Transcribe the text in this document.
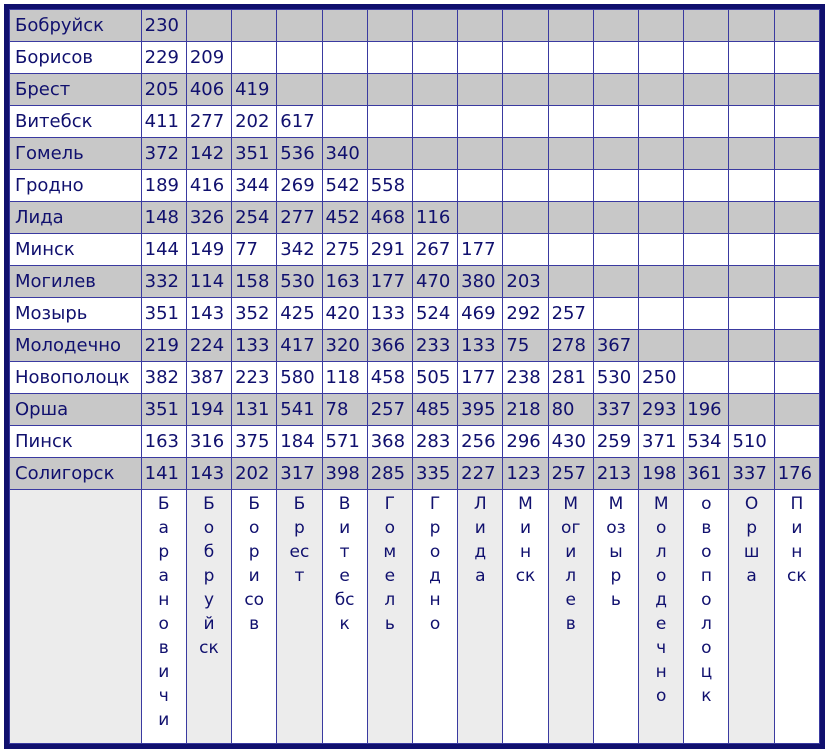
Бобруйск	230														
Борисов	229	209													
Брест	205	406	419												
Витебск	411	277	202	617											
Гомель	372	142	351	536	340										
Гродно	189	416	344	269	542	558									
Лида	148	326	254	277	452	468	116								
Минск	144	149	77	342	275	291	267	177							
Могилев	332	114	158	530	163	177	470	380	203						
Мозырь	351	143	352	425	420	133	524	469	292	257					
Молодечно	219	224	133	417	320	366	233	133	75	278	367				
Новополоцк	382	387	223	580	118	458	505	177	238	281	530	250			
Орша	351	194	131	541	78	257	485	395	218	80	337	293	196		
Пинск	163	316	375	184	571	368	283	256	296	430	259	371	534	510	
Солигорск	141	143	202	317	398	285	335	227	123	257	213	198	361	337	176
	Барановичи	Бобруйск	Борисов	Брест	Витебск	Гомель	Гродно	Лида	Минск	Могилев	Мозырь	Молодечно	овополоцк	Орша	Пинск
